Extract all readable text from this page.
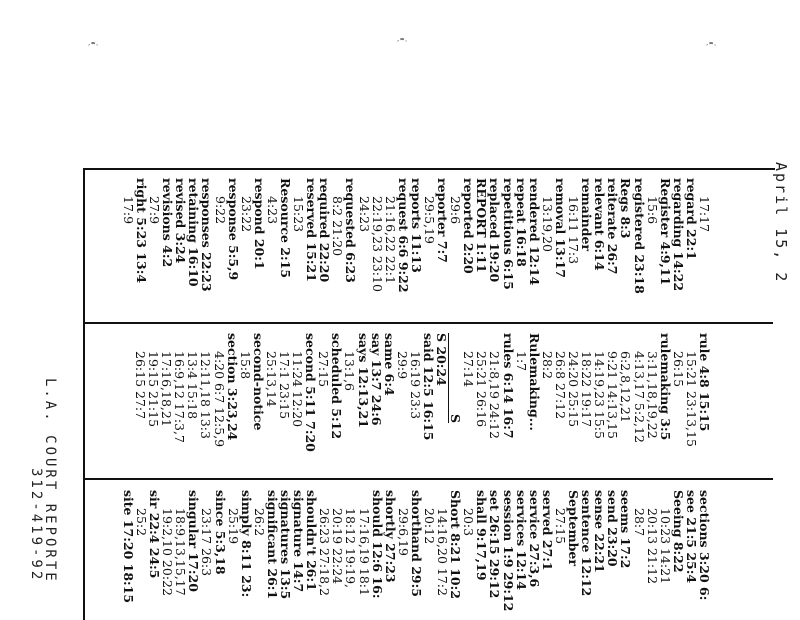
April 15, 2
L.A. COURT REPORTE
312-419-92
17:17
regard 22:1
regarding 14:22
Register 4:9,11
15:6
registered 23:18
Regs 8:3
reiterate 26:7
relevant 6:14
remainder
16:11 17:3
removal 13:17
13:19,20
rendered 12:14
repeat 16:18
repetitious 6:15
replaced 19:20
REPORT 1:11
reported 2:20
29:6
reporter 7:7
29:5,19
reports 11:13
request 6:6 9:22
21:16,22 22:1
22:19,23 23:10
24:23
requested 6:23
8:2 21:20
required 22:20
reserved 15:21
15:23
Resource 2:15
4:23
respond 20:1
23:22
response 5:5,9
9:22
responses 22:23
retaining 16:10
revised 3:24
revisions 4:2
27:9
right 5:23 13:4
17:9
rule 4:8 15:15
15:21 23:13,15
26:15
rulemaking 3:5
3:11,18,19,22
4:13,17 5:2,12
6:2,8,12,21
9:21 14:13,15
14:19,23 15:5
18:22 19:17
24:20 25:15
26:8 27:12
28:2
Rulemaking...
1:7
rules 6:14 16:7
21:8,19 24:12
25:21 26:16
27:14
S
S 20:24
said 12:5 16:15
16:19 23:3
29:9
same 6:4
say 13:7 24:6
says 12:13,21
13:1,6
scheduled 5:12
27:15
second 5:11 7:20
11:24 12:20
17:1 23:15
25:13,14
second-notice
15:8
section 3:23,24
4:20 6:7 12:5,9
12:11,18 13:3
13:4 15:18
16:9,12 17:3,7
17:16,18,21
19:15 21:15
26:15 27:7
sections 3:20 6:
see 21:5 25:4
Seeing 8:22
10:23 14:21
20:13 21:12
28:7
seems 17:2
send 23:20
sense 22:21
sentence 12:12
September
27:15
served 27:1
service 27:3,6
services 12:14
session 1:9 29:12
set 26:15 29:12
shall 9:17,19
20:3
Short 8:21 10:2
14:16,20 17:2
20:12
shorthand 29:5
29:6,19
shortly 27:23
should 12:6 16:
17:16,19 18:1
18:12 19:19,
20:19 22:24
26:23 27:18,2
shouldn't 26:1
signature 14:7
signatures 13:5
significant 26:1
26:2
simply 8:11 23:
25:19
since 5:3,18
23:17 26:3
singular 17:20
18:9,13,15,17
19:2,10 20:22
sir 22:4 24:5
25:2
site 17:20 18:15
